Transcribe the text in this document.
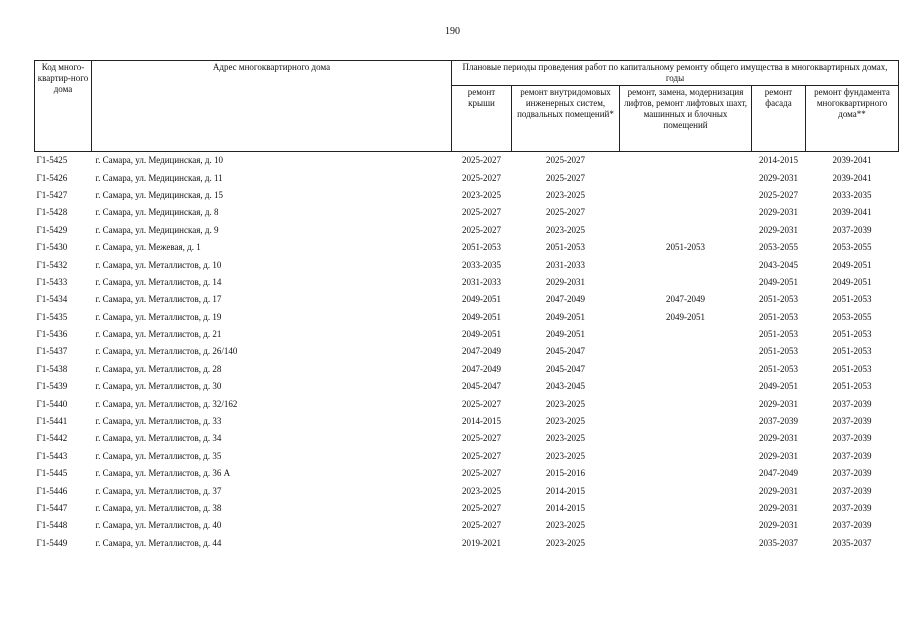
190
Код много-квартир-ного дома	Адрес многоквартирного дома	Плановые периоды проведения работ по капитальному ремонту общего имущества в многоквартирных домах, годы				
		ремонт крыши	ремонт внутридомовых инженерных систем, подвальных помещений*	ремонт, замена, модернизация лифтов, ремонт лифтовых шахт, машинных и блочных помещений	ремонт фасада	ремонт фундамента многоквартирного дома**
Г1-5425	г. Самара, ул. Медицинская, д. 10	2025-2027	2025-2027		2014-2015	2039-2041
Г1-5426	г. Самара, ул. Медицинская, д. 11	2025-2027	2025-2027		2029-2031	2039-2041
Г1-5427	г. Самара, ул. Медицинская, д. 15	2023-2025	2023-2025		2025-2027	2033-2035
Г1-5428	г. Самара, ул. Медицинская, д. 8	2025-2027	2025-2027		2029-2031	2039-2041
Г1-5429	г. Самара, ул. Медицинская, д. 9	2025-2027	2023-2025		2029-2031	2037-2039
Г1-5430	г. Самара, ул. Межевая, д. 1	2051-2053	2051-2053	2051-2053	2053-2055	2053-2055
Г1-5432	г. Самара, ул. Металлистов, д. 10	2033-2035	2031-2033		2043-2045	2049-2051
Г1-5433	г. Самара, ул. Металлистов, д. 14	2031-2033	2029-2031		2049-2051	2049-2051
Г1-5434	г. Самара, ул. Металлистов, д. 17	2049-2051	2047-2049	2047-2049	2051-2053	2051-2053
Г1-5435	г. Самара, ул. Металлистов, д. 19	2049-2051	2049-2051	2049-2051	2051-2053	2053-2055
Г1-5436	г. Самара, ул. Металлистов, д. 21	2049-2051	2049-2051		2051-2053	2051-2053
Г1-5437	г. Самара, ул. Металлистов, д. 26/140	2047-2049	2045-2047		2051-2053	2051-2053
Г1-5438	г. Самара, ул. Металлистов, д. 28	2047-2049	2045-2047		2051-2053	2051-2053
Г1-5439	г. Самара, ул. Металлистов, д. 30	2045-2047	2043-2045		2049-2051	2051-2053
Г1-5440	г. Самара, ул. Металлистов, д. 32/162	2025-2027	2023-2025		2029-2031	2037-2039
Г1-5441	г. Самара, ул. Металлистов, д. 33	2014-2015	2023-2025		2037-2039	2037-2039
Г1-5442	г. Самара, ул. Металлистов, д. 34	2025-2027	2023-2025		2029-2031	2037-2039
Г1-5443	г. Самара, ул. Металлистов, д. 35	2025-2027	2023-2025		2029-2031	2037-2039
Г1-5445	г. Самара, ул. Металлистов, д. 36 А	2025-2027	2015-2016		2047-2049	2037-2039
Г1-5446	г. Самара, ул. Металлистов, д. 37	2023-2025	2014-2015		2029-2031	2037-2039
Г1-5447	г. Самара, ул. Металлистов, д. 38	2025-2027	2014-2015		2029-2031	2037-2039
Г1-5448	г. Самара, ул. Металлистов, д. 40	2025-2027	2023-2025		2029-2031	2037-2039
Г1-5449	г. Самара, ул. Металлистов, д. 44	2019-2021	2023-2025		2035-2037	2035-2037
